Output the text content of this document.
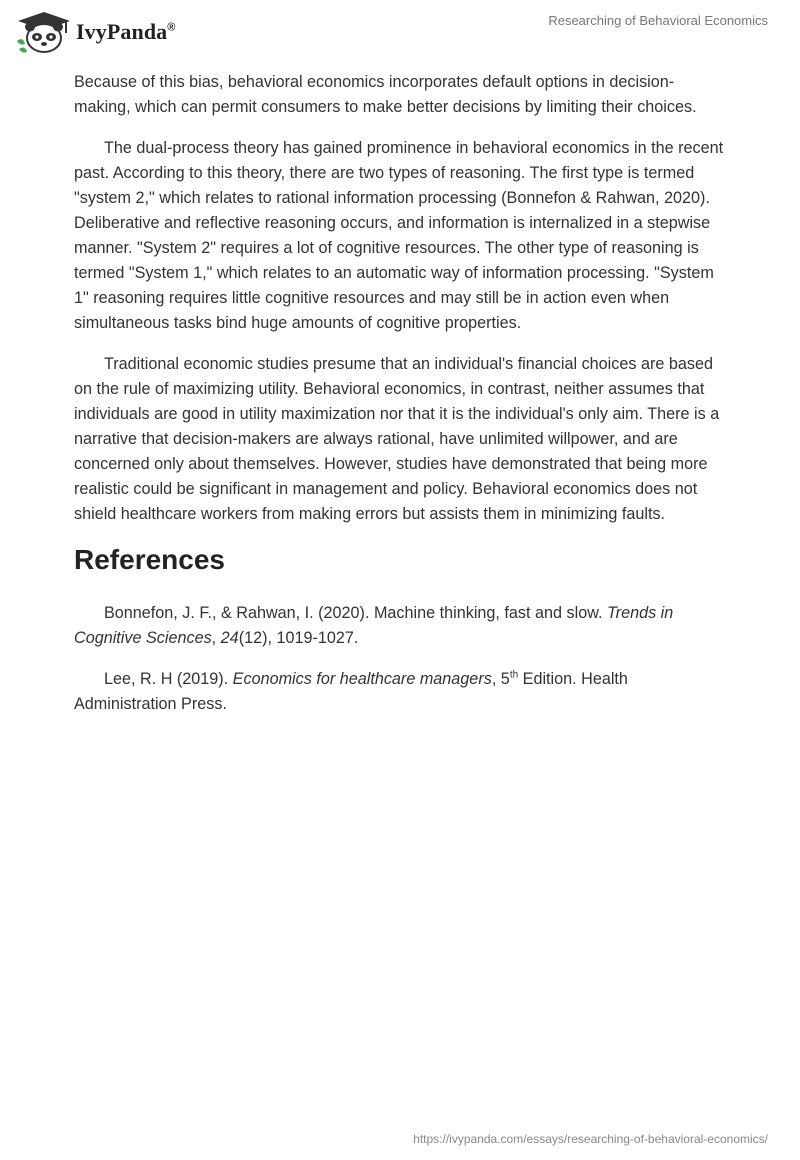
IvyPanda®	Researching of Behavioral Economics

Because of this bias, behavioral economics incorporates default options in decision-making, which can permit consumers to make better decisions by limiting their choices.

The dual-process theory has gained prominence in behavioral economics in the recent past. According to this theory, there are two types of reasoning. The first type is termed "system 2," which relates to rational information processing (Bonnefon & Rahwan, 2020). Deliberative and reflective reasoning occurs, and information is internalized in a stepwise manner. "System 2" requires a lot of cognitive resources. The other type of reasoning is termed "System 1," which relates to an automatic way of information processing. "System 1" reasoning requires little cognitive resources and may still be in action even when simultaneous tasks bind huge amounts of cognitive properties.

Traditional economic studies presume that an individual's financial choices are based on the rule of maximizing utility. Behavioral economics, in contrast, neither assumes that individuals are good in utility maximization nor that it is the individual's only aim. There is a narrative that decision-makers are always rational, have unlimited willpower, and are concerned only about themselves. However, studies have demonstrated that being more realistic could be significant in management and policy. Behavioral economics does not shield healthcare workers from making errors but assists them in minimizing faults.

References

Bonnefon, J. F., & Rahwan, I. (2020). Machine thinking, fast and slow. Trends in Cognitive Sciences, 24(12), 1019-1027.

Lee, R. H (2019). Economics for healthcare managers, 5th Edition. Health Administration Press.

https://ivypanda.com/essays/researching-of-behavioral-economics/
